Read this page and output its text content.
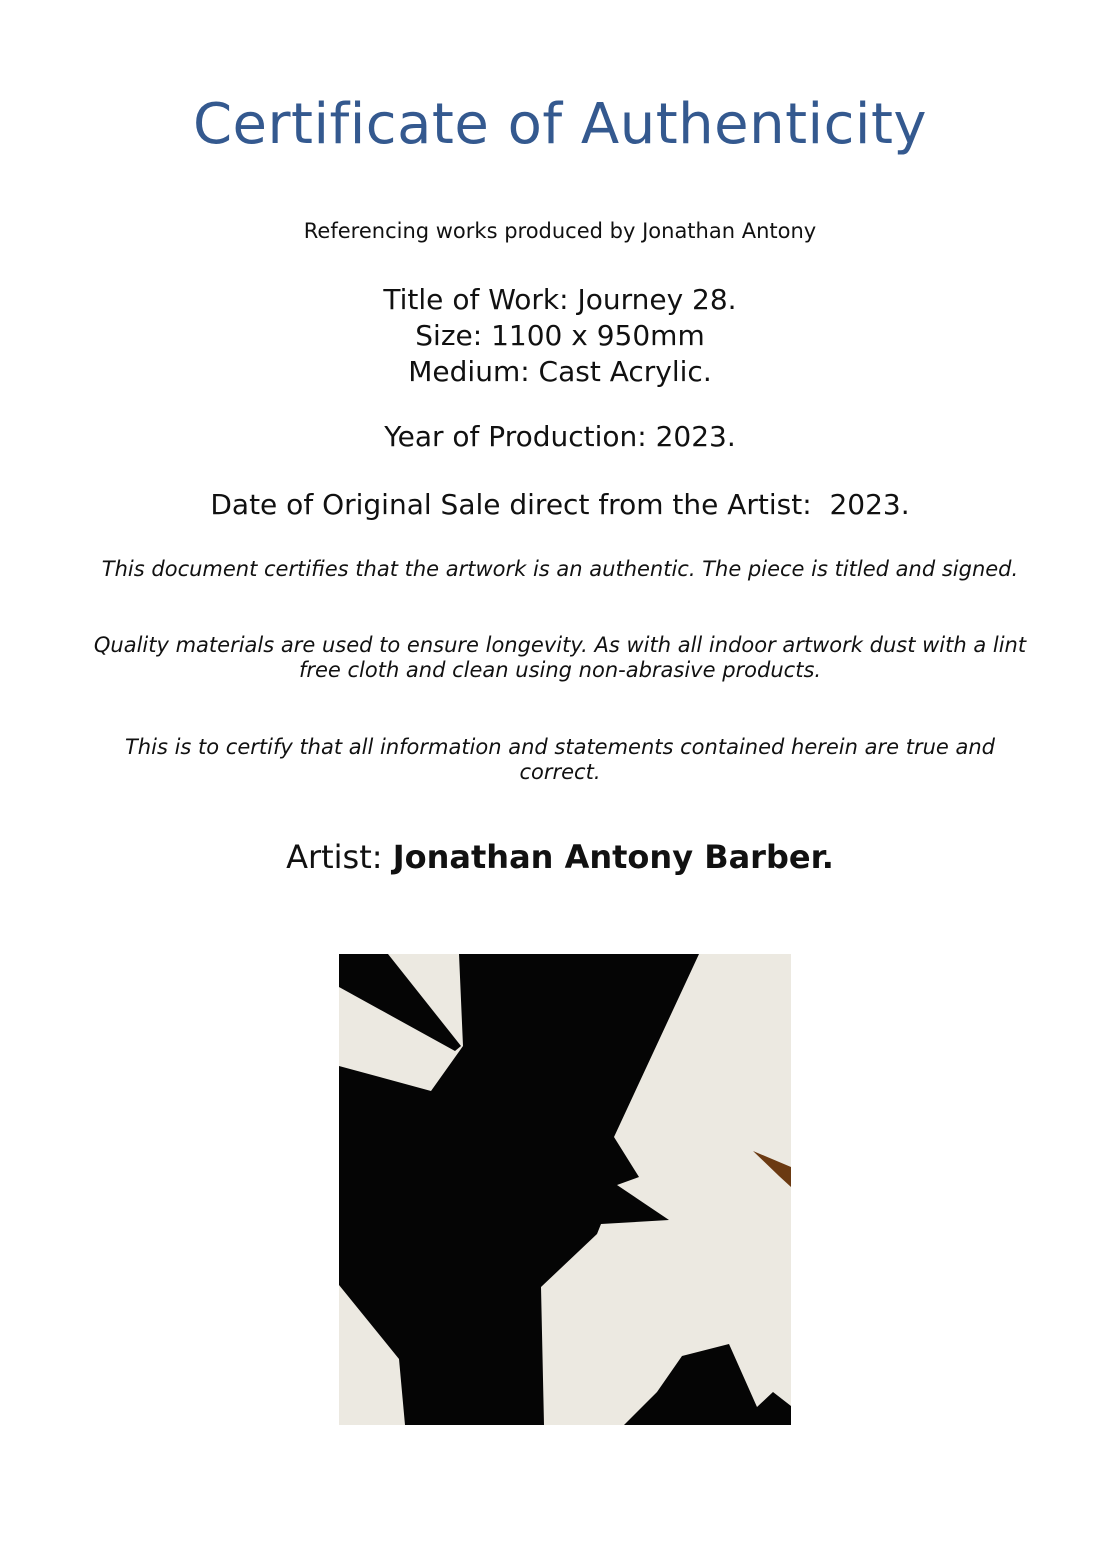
Certificate of Authenticity

Referencing works produced by Jonathan Antony

Title of Work: Journey 28.
Size: 1100 x 950mm
Medium: Cast Acrylic.

Year of Production: 2023.

Date of Original Sale direct from the Artist:  2023.

This document certifies that the artwork is an authentic. The piece is titled and signed.

Quality materials are used to ensure longevity. As with all indoor artwork dust with a lint free cloth and clean using non-abrasive products.

This is to certify that all information and statements contained herein are true and correct.

Artist: Jonathan Antony Barber.
